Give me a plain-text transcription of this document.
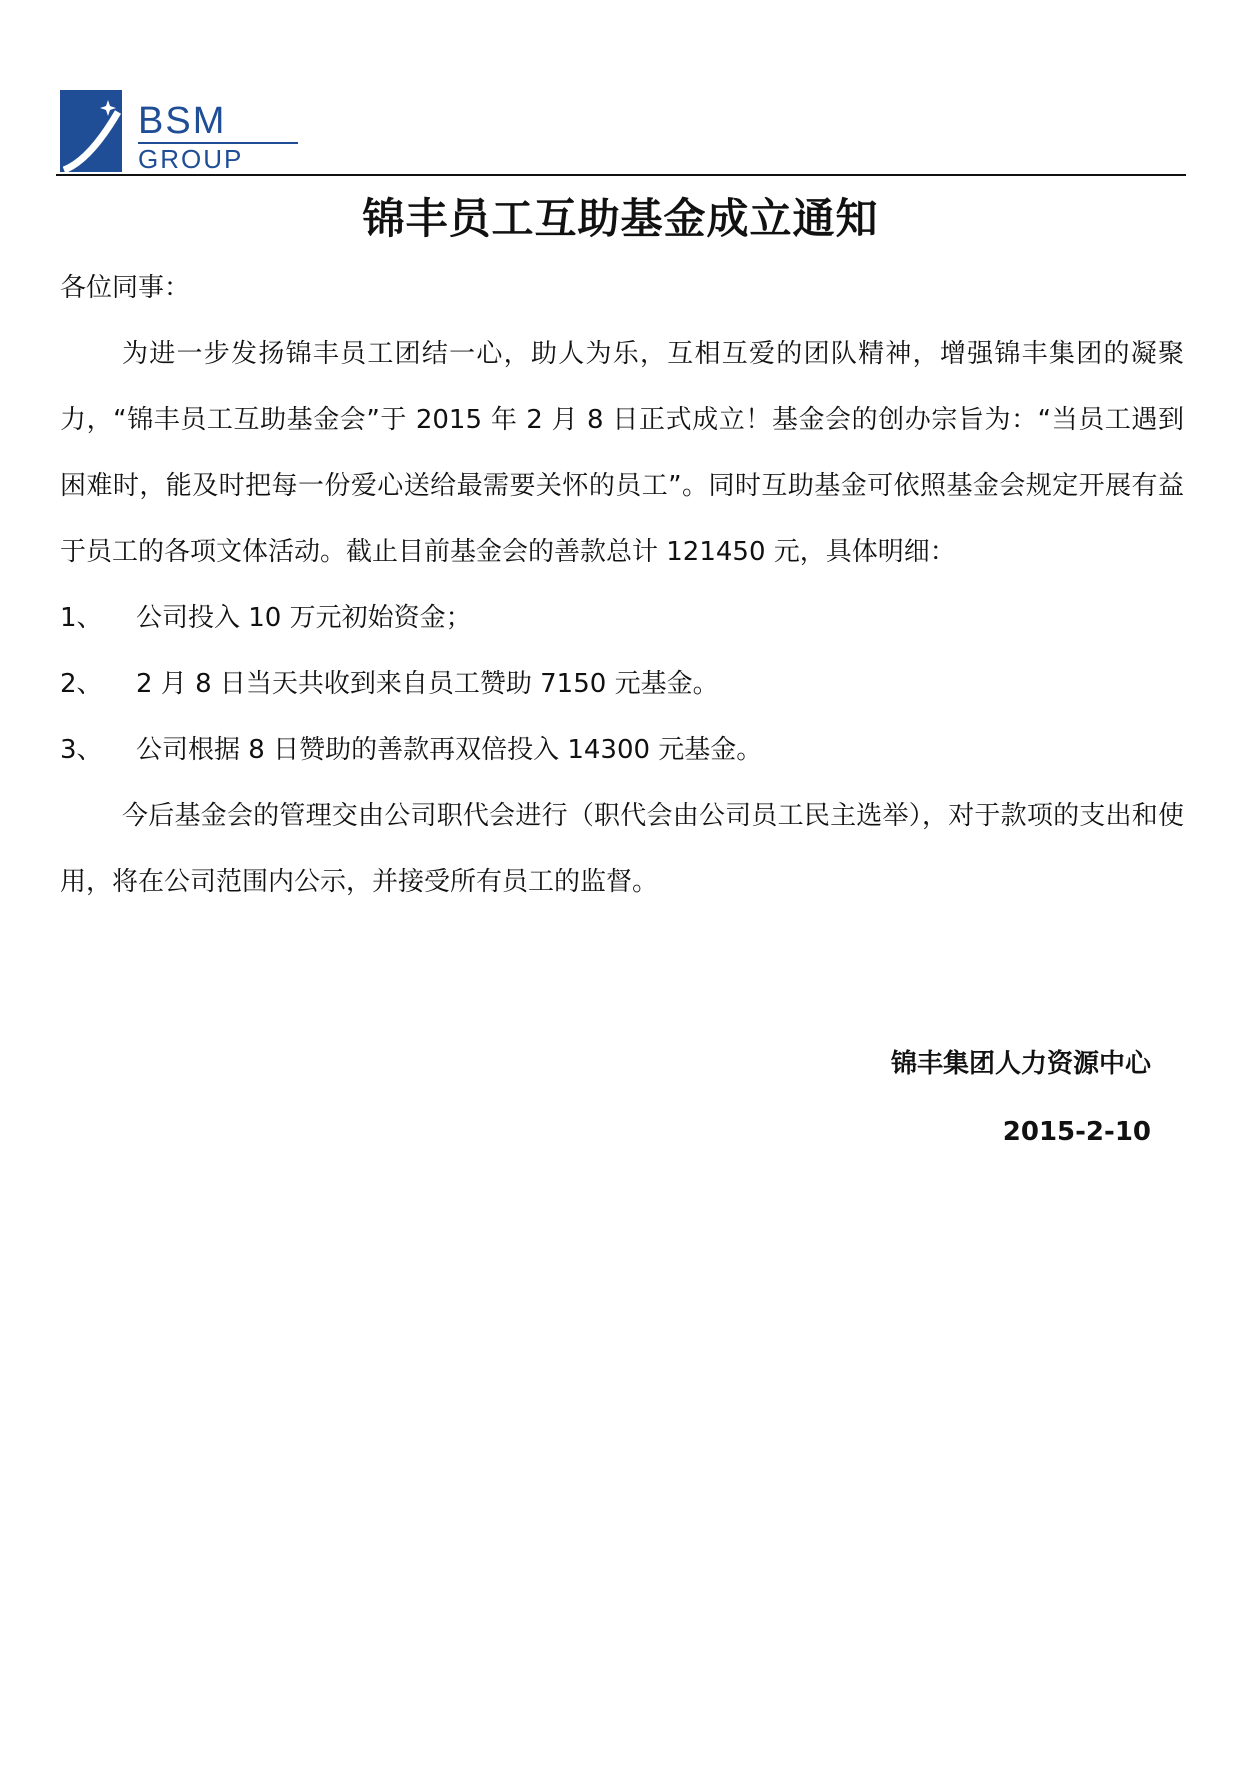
BSM
GROUP
锦丰员工互助基金成立通知

各位同事：

为进一步发扬锦丰员工团结一心，助人为乐，互相互爱的团队精神，增强锦丰集团的凝聚力，“锦丰员工互助基金会”于 2015 年 2 月 8 日正式成立！基金会的创办宗旨为：“当员工遇到困难时，能及时把每一份爱心送给最需要关怀的员工”。同时互助基金可依照基金会规定开展有益于员工的各项文体活动。截止目前基金会的善款总计 121450 元，具体明细：

1、	公司投入 10 万元初始资金；
2、	2 月 8 日当天共收到来自员工赞助 7150 元基金。
3、	公司根据 8 日赞助的善款再双倍投入 14300 元基金。

今后基金会的管理交由公司职代会进行（职代会由公司员工民主选举），对于款项的支出和使用，将在公司范围内公示，并接受所有员工的监督。

锦丰集团人力资源中心
2015-2-10
